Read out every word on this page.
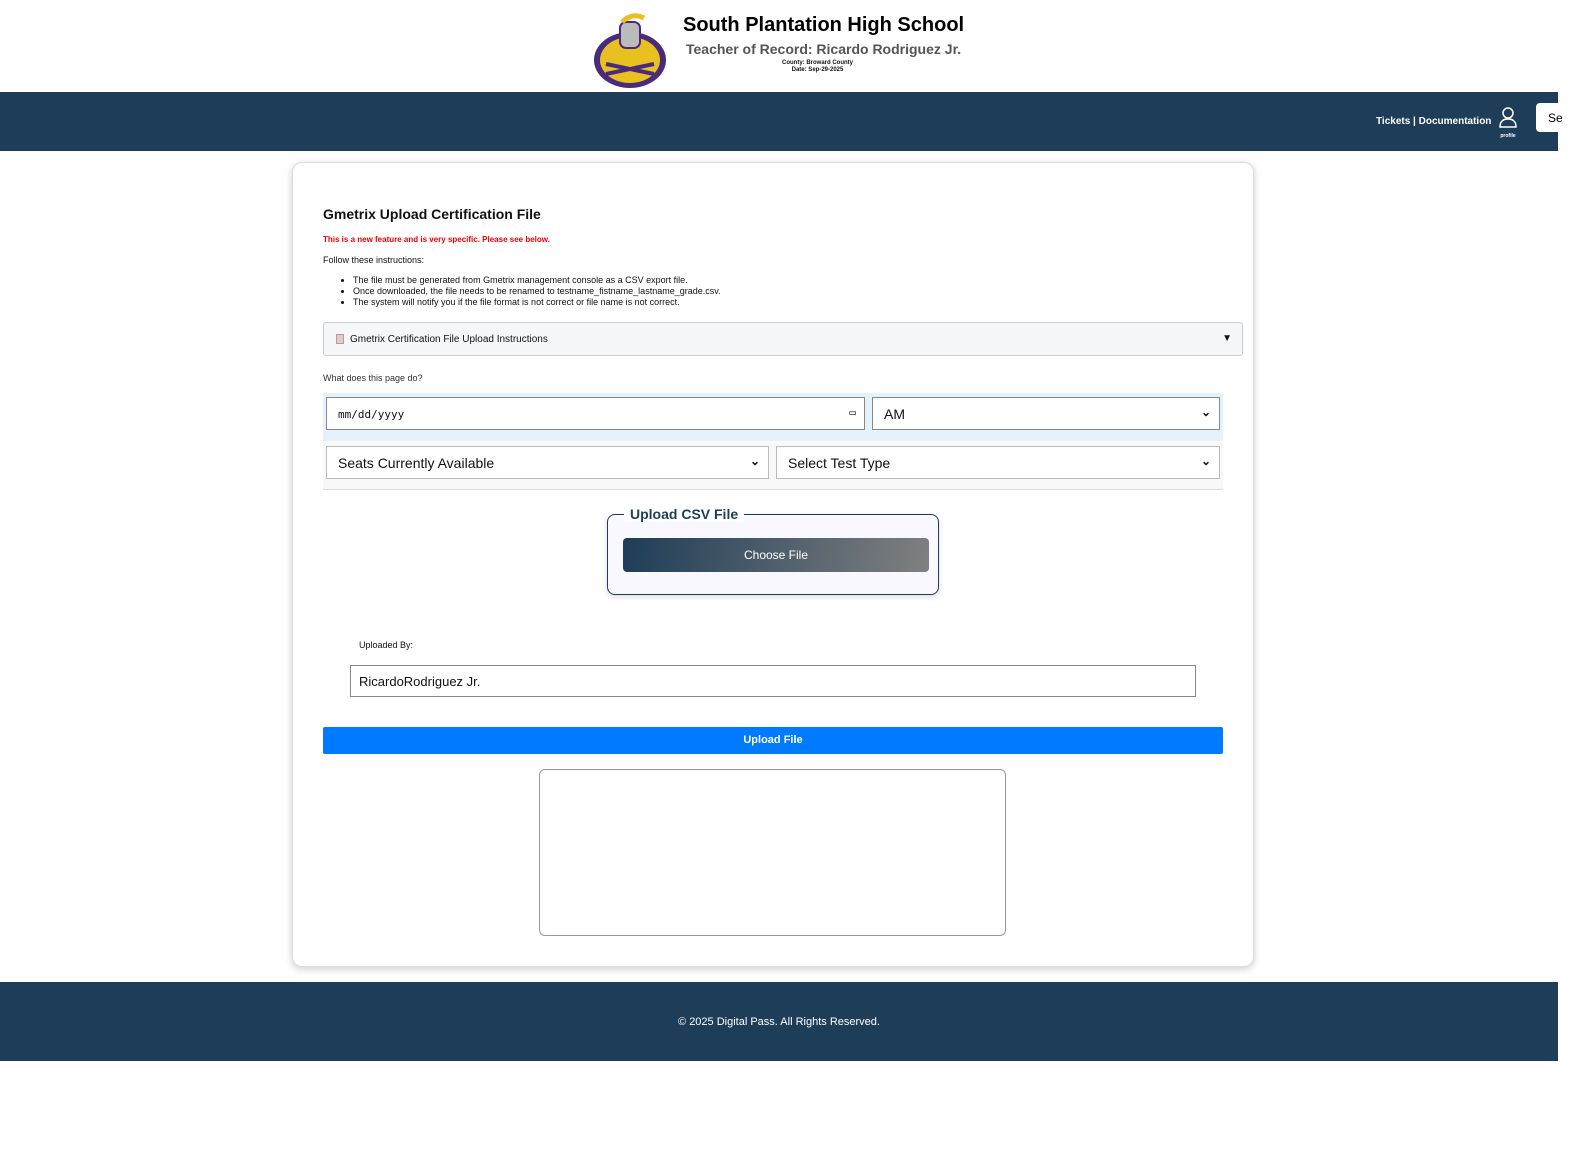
South Plantation High School
Teacher of Record: Ricardo Rodriguez Jr.
County: Broward County
Date: Sep-29-2025
Tickets | Documentation
profile
Se
Gmetrix Upload Certification File
This is a new feature and is very specific. Please see below.
Follow these instructions:
• The file must be generated from Gmetrix management console as a CSV export file.
• Once downloaded, the file needs to be renamed to testname_fistname_lastname_grade.csv.
• The system will notify you if the file format is not correct or file name is not correct.
Gmetrix Certification File Upload Instructions	▼
What does this page do?
mm/dd/yyyy	▭	AM	⌄
Seats Currently Available	⌄	Select Test Type	⌄
Upload CSV File
Choose File
Uploaded By:
RicardoRodriguez Jr.
Upload File
© 2025 Digital Pass. All Rights Reserved.
